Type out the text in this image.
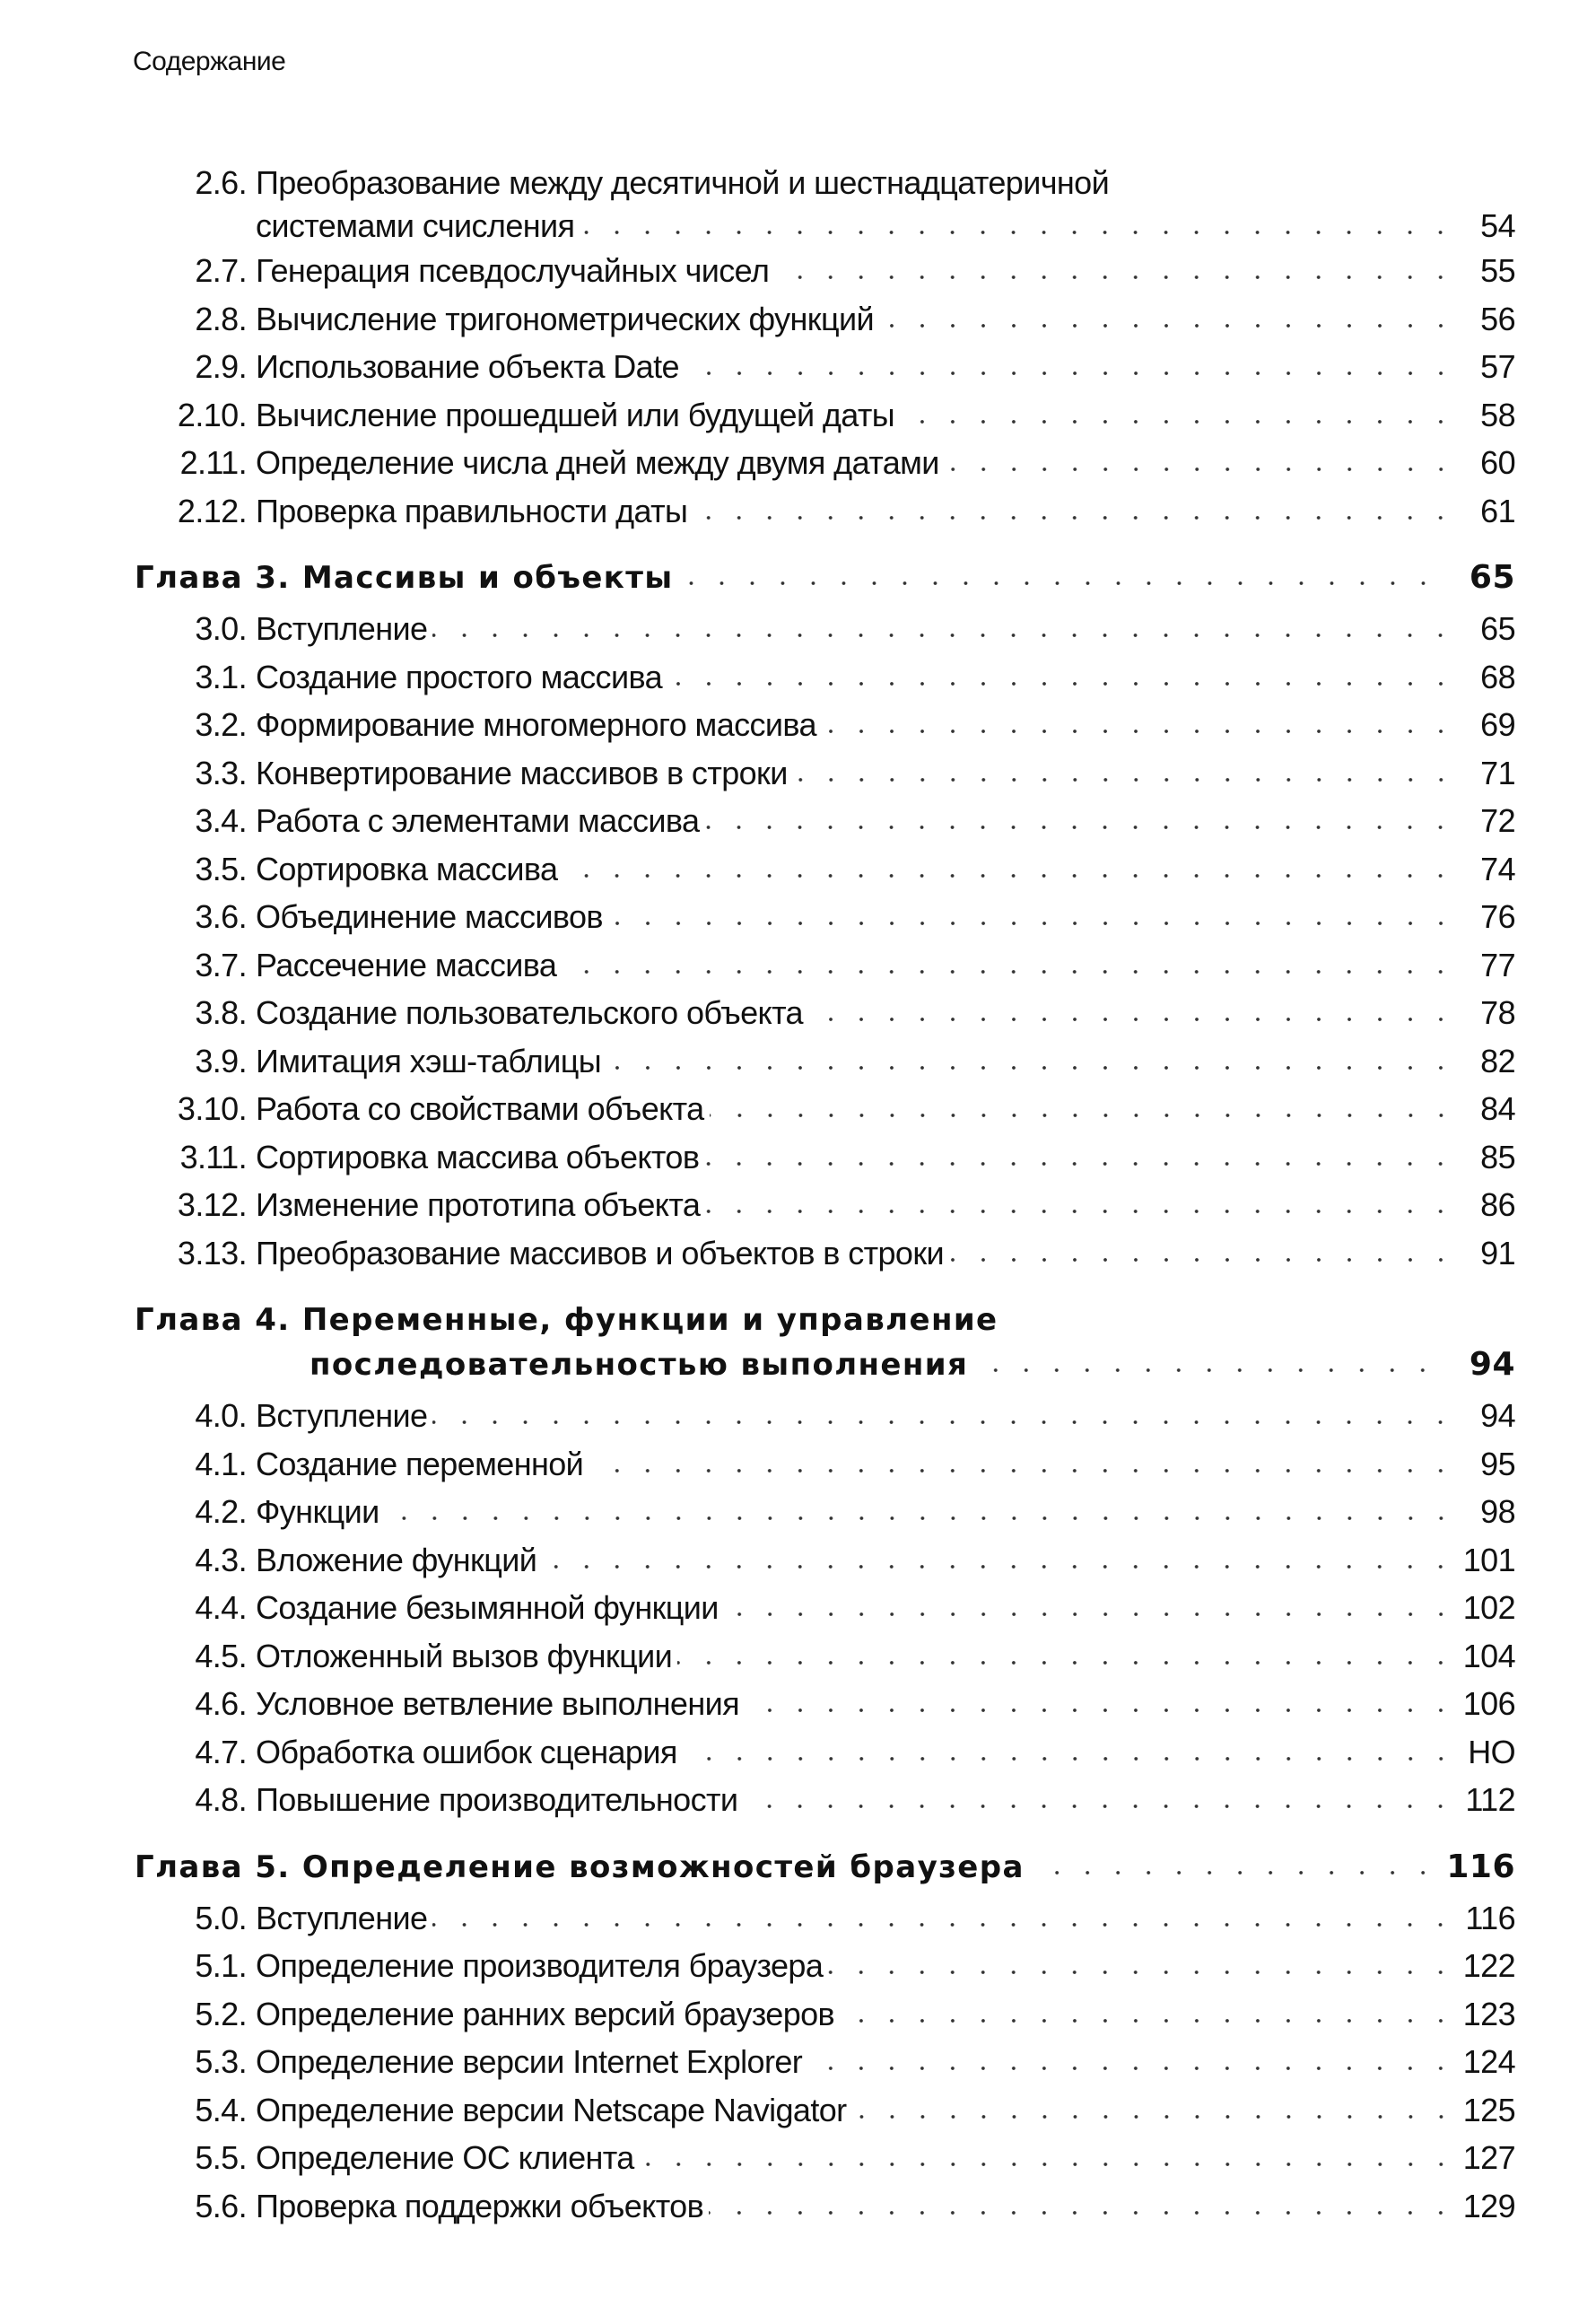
Содержание
2.6. Преобразование между десятичной и шестнадцатеричной
системами счисления	54
2.7. Генерация псевдослучайных чисел	55
2.8. Вычисление тригонометрических функций	56
2.9. Использование объекта Date	57
2.10. Вычисление прошедшей или будущей даты	58
2.11. Определение числа дней между двумя датами	60
2.12. Проверка правильности даты	61
Глава 3. Массивы и объекты	65
3.0. Вступление	65
3.1. Создание простого массива	68
3.2. Формирование многомерного массива	69
3.3. Конвертирование массивов в строки	71
3.4. Работа с элементами массива	72
3.5. Сортировка массива	74
3.6. Объединение массивов	76
3.7. Рассечение массива	77
3.8. Создание пользовательского объекта	78
3.9. Имитация хэш-таблицы	82
3.10. Работа со свойствами объекта	84
3.11. Сортировка массива объектов	85
3.12. Изменение прототипа объекта	86
3.13. Преобразование массивов и объектов в строки	91
Глава 4. Переменные, функции и управление
последовательностью выполнения	94
4.0. Вступление	94
4.1. Создание переменной	95
4.2. Функции	98
4.3. Вложение функций	101
4.4. Создание безымянной функции	102
4.5. Отложенный вызов функции	104
4.6. Условное ветвление выполнения	106
4.7. Обработка ошибок сценария	НО
4.8. Повышение производительности	112
Глава 5. Определение возможностей браузера	116
5.0. Вступление	116
5.1. Определение производителя браузера	122
5.2. Определение ранних версий браузеров	123
5.3. Определение версии Internet Explorer	124
5.4. Определение версии Netscape Navigator	125
5.5. Определение ОС клиента	127
5.6. Проверка поддержки объектов	129
